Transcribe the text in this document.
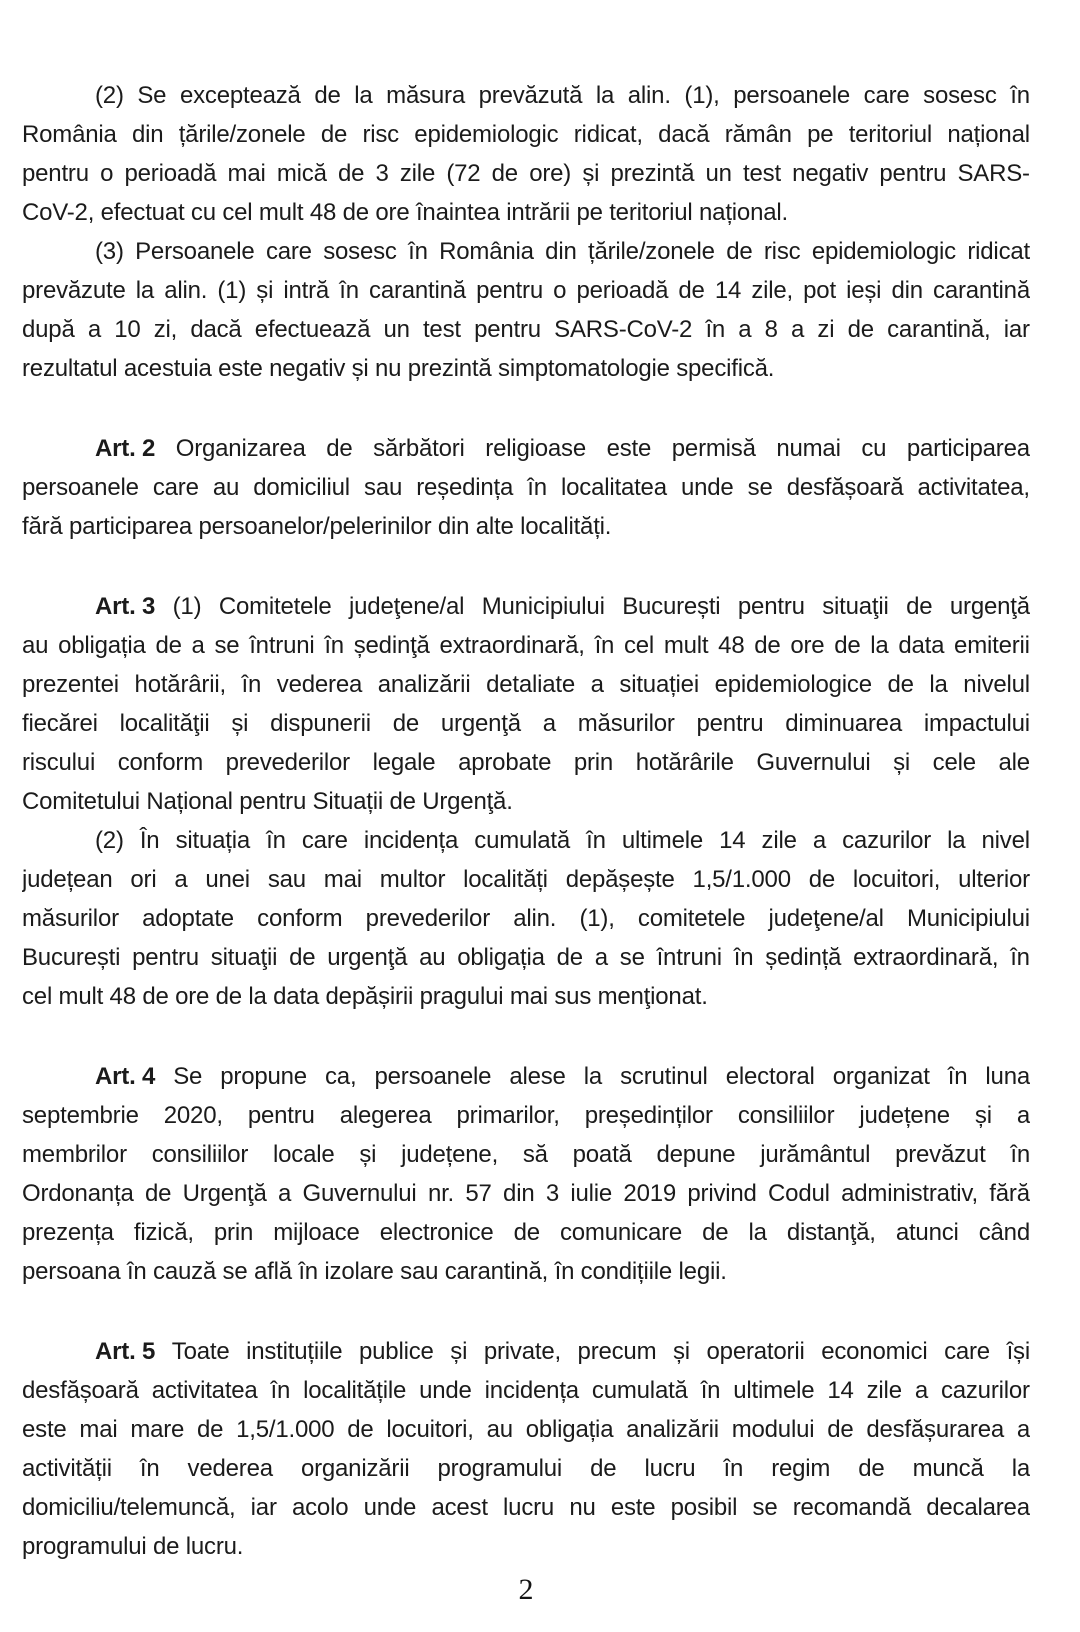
(2) Se exceptează de la măsura prevăzută la alin. (1), persoanele care sosesc în
România din țările/zonele de risc epidemiologic ridicat, dacă rămân pe teritoriul național
pentru o perioadă mai mică de 3 zile (72 de ore) și prezintă un test negativ pentru SARS-
CoV-2, efectuat cu cel mult 48 de ore înaintea intrării pe teritoriul național.
(3) Persoanele care sosesc în România din țările/zonele de risc epidemiologic ridicat
prevăzute la alin. (1) și intră în carantină pentru o perioadă de 14 zile, pot ieși din carantină
după a 10 zi, dacă efectuează un test pentru SARS-CoV-2 în a 8 a zi de carantină, iar
rezultatul acestuia este negativ și nu prezintă simptomatologie specifică.
Art. 2 Organizarea de sărbători religioase este permisă numai cu participarea
persoanele care au domiciliul sau reședința în localitatea unde se desfășoară activitatea,
fără participarea persoanelor/pelerinilor din alte localități.
Art. 3 (1) Comitetele judeţene/al Municipiului București pentru situaţii de urgenţă
au obligația de a se întruni în ședinţă extraordinară, în cel mult 48 de ore de la data emiterii
prezentei hotărârii, în vederea analizării detaliate a situației epidemiologice de la nivelul
fiecărei localităţii și dispunerii de urgenţă a măsurilor pentru diminuarea impactului
riscului conform prevederilor legale aprobate prin hotărârile Guvernului și cele ale
Comitetului Național pentru Situații de Urgenţă.
(2) În situația în care incidența cumulată în ultimele 14 zile a cazurilor la nivel
județean ori a unei sau mai multor localități depășește 1,5/1.000 de locuitori, ulterior
măsurilor adoptate conform prevederilor alin. (1), comitetele judeţene/al Municipiului
București pentru situaţii de urgenţă au obligația de a se întruni în ședință extraordinară, în
cel mult 48 de ore de la data depășirii pragului mai sus menţionat.
Art. 4 Se propune ca, persoanele alese la scrutinul electoral organizat în luna
septembrie 2020, pentru alegerea primarilor, președinților consiliilor județene și a
membrilor consiliilor locale și județene, să poată depune jurământul prevăzut în
Ordonanța de Urgenţă a Guvernului nr. 57 din 3 iulie 2019 privind Codul administrativ, fără
prezența fizică, prin mijloace electronice de comunicare de la distanţă, atunci când
persoana în cauză se află în izolare sau carantină, în condițiile legii.
Art. 5 Toate instituțiile publice și private, precum și operatorii economici care își
desfășoară activitatea în localitățile unde incidența cumulată în ultimele 14 zile a cazurilor
este mai mare de 1,5/1.000 de locuitori, au obligația analizării modului de desfășurarea a
activității în vederea organizării programului de lucru în regim de muncă la
domiciliu/telemuncă, iar acolo unde acest lucru nu este posibil se recomandă decalarea
programului de lucru.
2
